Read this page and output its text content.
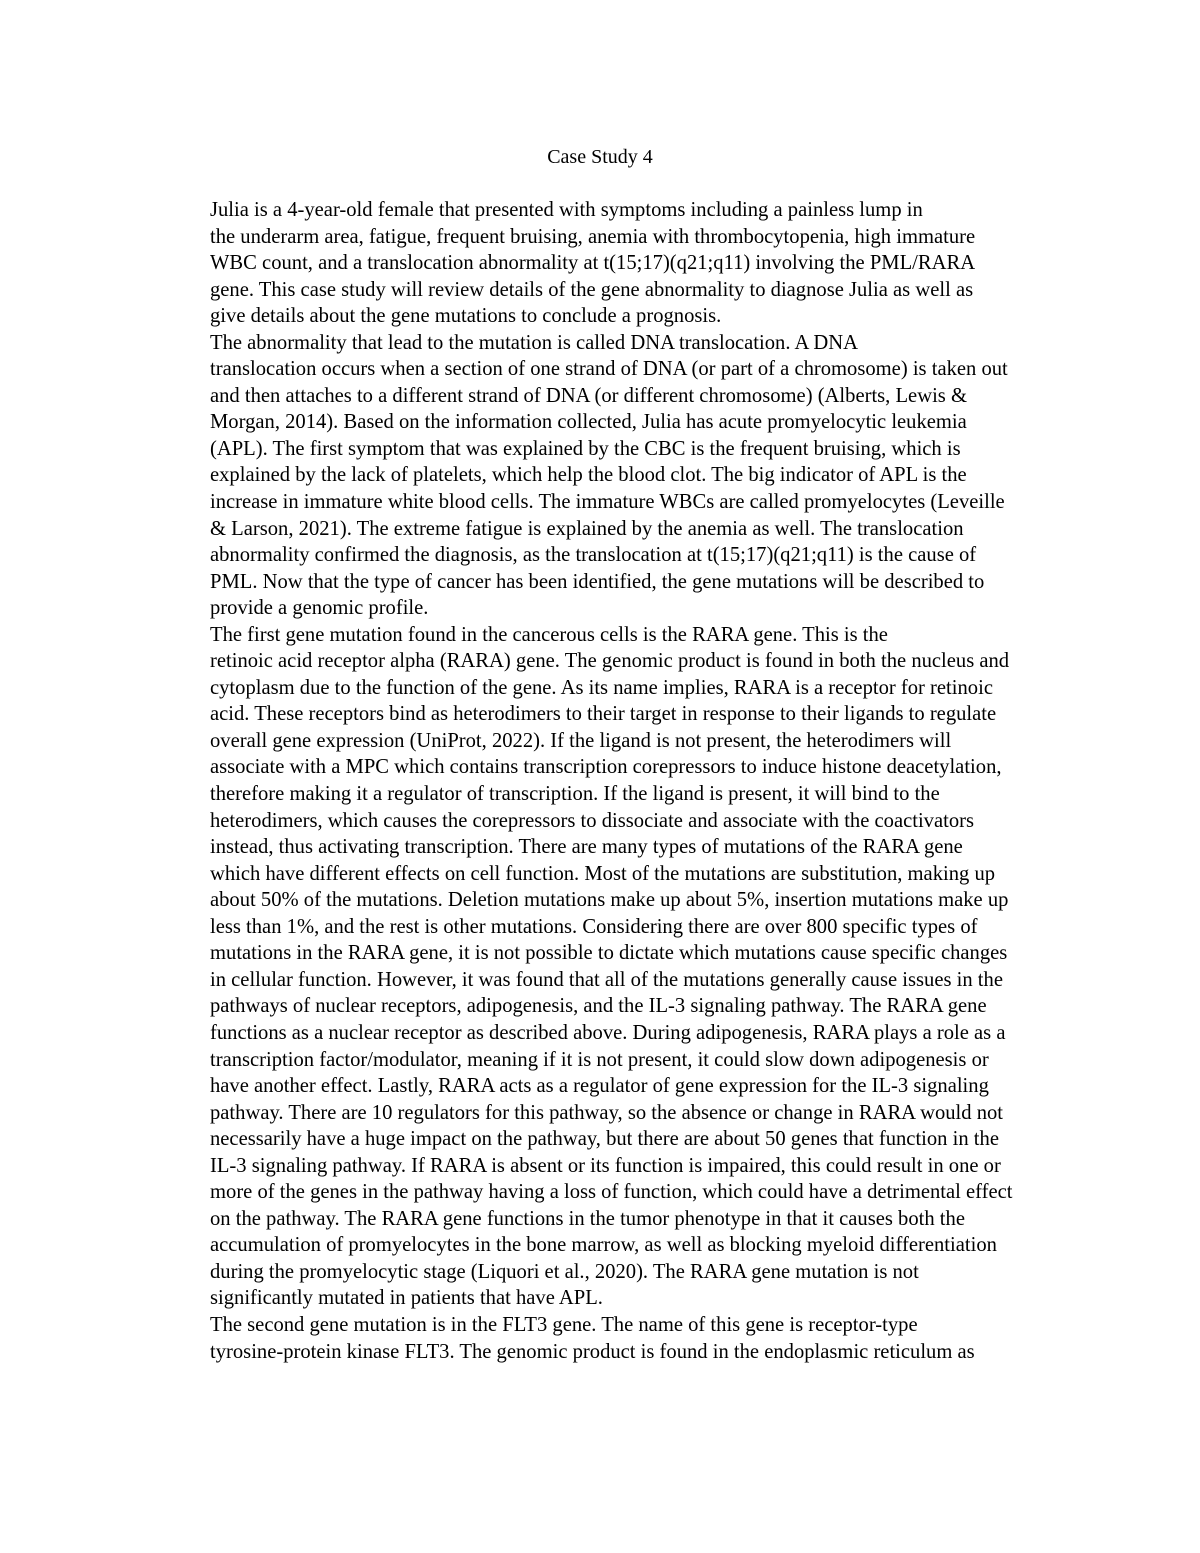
Case Study 4

Julia is a 4-year-old female that presented with symptoms including a painless lump in
the underarm area, fatigue, frequent bruising, anemia with thrombocytopenia, high immature
WBC count, and a translocation abnormality at t(15;17)(q21;q11) involving the PML/RARA
gene. This case study will review details of the gene abnormality to diagnose Julia as well as
give details about the gene mutations to conclude a prognosis.

The abnormality that lead to the mutation is called DNA translocation. A DNA
translocation occurs when a section of one strand of DNA (or part of a chromosome) is taken out
and then attaches to a different strand of DNA (or different chromosome) (Alberts, Lewis &
Morgan, 2014). Based on the information collected, Julia has acute promyelocytic leukemia
(APL). The first symptom that was explained by the CBC is the frequent bruising, which is
explained by the lack of platelets, which help the blood clot. The big indicator of APL is the
increase in immature white blood cells. The immature WBCs are called promyelocytes (Leveille
& Larson, 2021). The extreme fatigue is explained by the anemia as well. The translocation
abnormality confirmed the diagnosis, as the translocation at t(15;17)(q21;q11) is the cause of
PML. Now that the type of cancer has been identified, the gene mutations will be described to
provide a genomic profile.

The first gene mutation found in the cancerous cells is the RARA gene. This is the
retinoic acid receptor alpha (RARA) gene. The genomic product is found in both the nucleus and
cytoplasm due to the function of the gene. As its name implies, RARA is a receptor for retinoic
acid. These receptors bind as heterodimers to their target in response to their ligands to regulate
overall gene expression (UniProt, 2022). If the ligand is not present, the heterodimers will
associate with a MPC which contains transcription corepressors to induce histone deacetylation,
therefore making it a regulator of transcription. If the ligand is present, it will bind to the
heterodimers, which causes the corepressors to dissociate and associate with the coactivators
instead, thus activating transcription. There are many types of mutations of the RARA gene
which have different effects on cell function. Most of the mutations are substitution, making up
about 50% of the mutations. Deletion mutations make up about 5%, insertion mutations make up
less than 1%, and the rest is other mutations. Considering there are over 800 specific types of
mutations in the RARA gene, it is not possible to dictate which mutations cause specific changes
in cellular function. However, it was found that all of the mutations generally cause issues in the
pathways of nuclear receptors, adipogenesis, and the IL-3 signaling pathway. The RARA gene
functions as a nuclear receptor as described above. During adipogenesis, RARA plays a role as a
transcription factor/modulator, meaning if it is not present, it could slow down adipogenesis or
have another effect. Lastly, RARA acts as a regulator of gene expression for the IL-3 signaling
pathway. There are 10 regulators for this pathway, so the absence or change in RARA would not
necessarily have a huge impact on the pathway, but there are about 50 genes that function in the
IL-3 signaling pathway. If RARA is absent or its function is impaired, this could result in one or
more of the genes in the pathway having a loss of function, which could have a detrimental effect
on the pathway. The RARA gene functions in the tumor phenotype in that it causes both the
accumulation of promyelocytes in the bone marrow, as well as blocking myeloid differentiation
during the promyelocytic stage (Liquori et al., 2020). The RARA gene mutation is not
significantly mutated in patients that have APL.

The second gene mutation is in the FLT3 gene. The name of this gene is receptor-type
tyrosine-protein kinase FLT3. The genomic product is found in the endoplasmic reticulum as
